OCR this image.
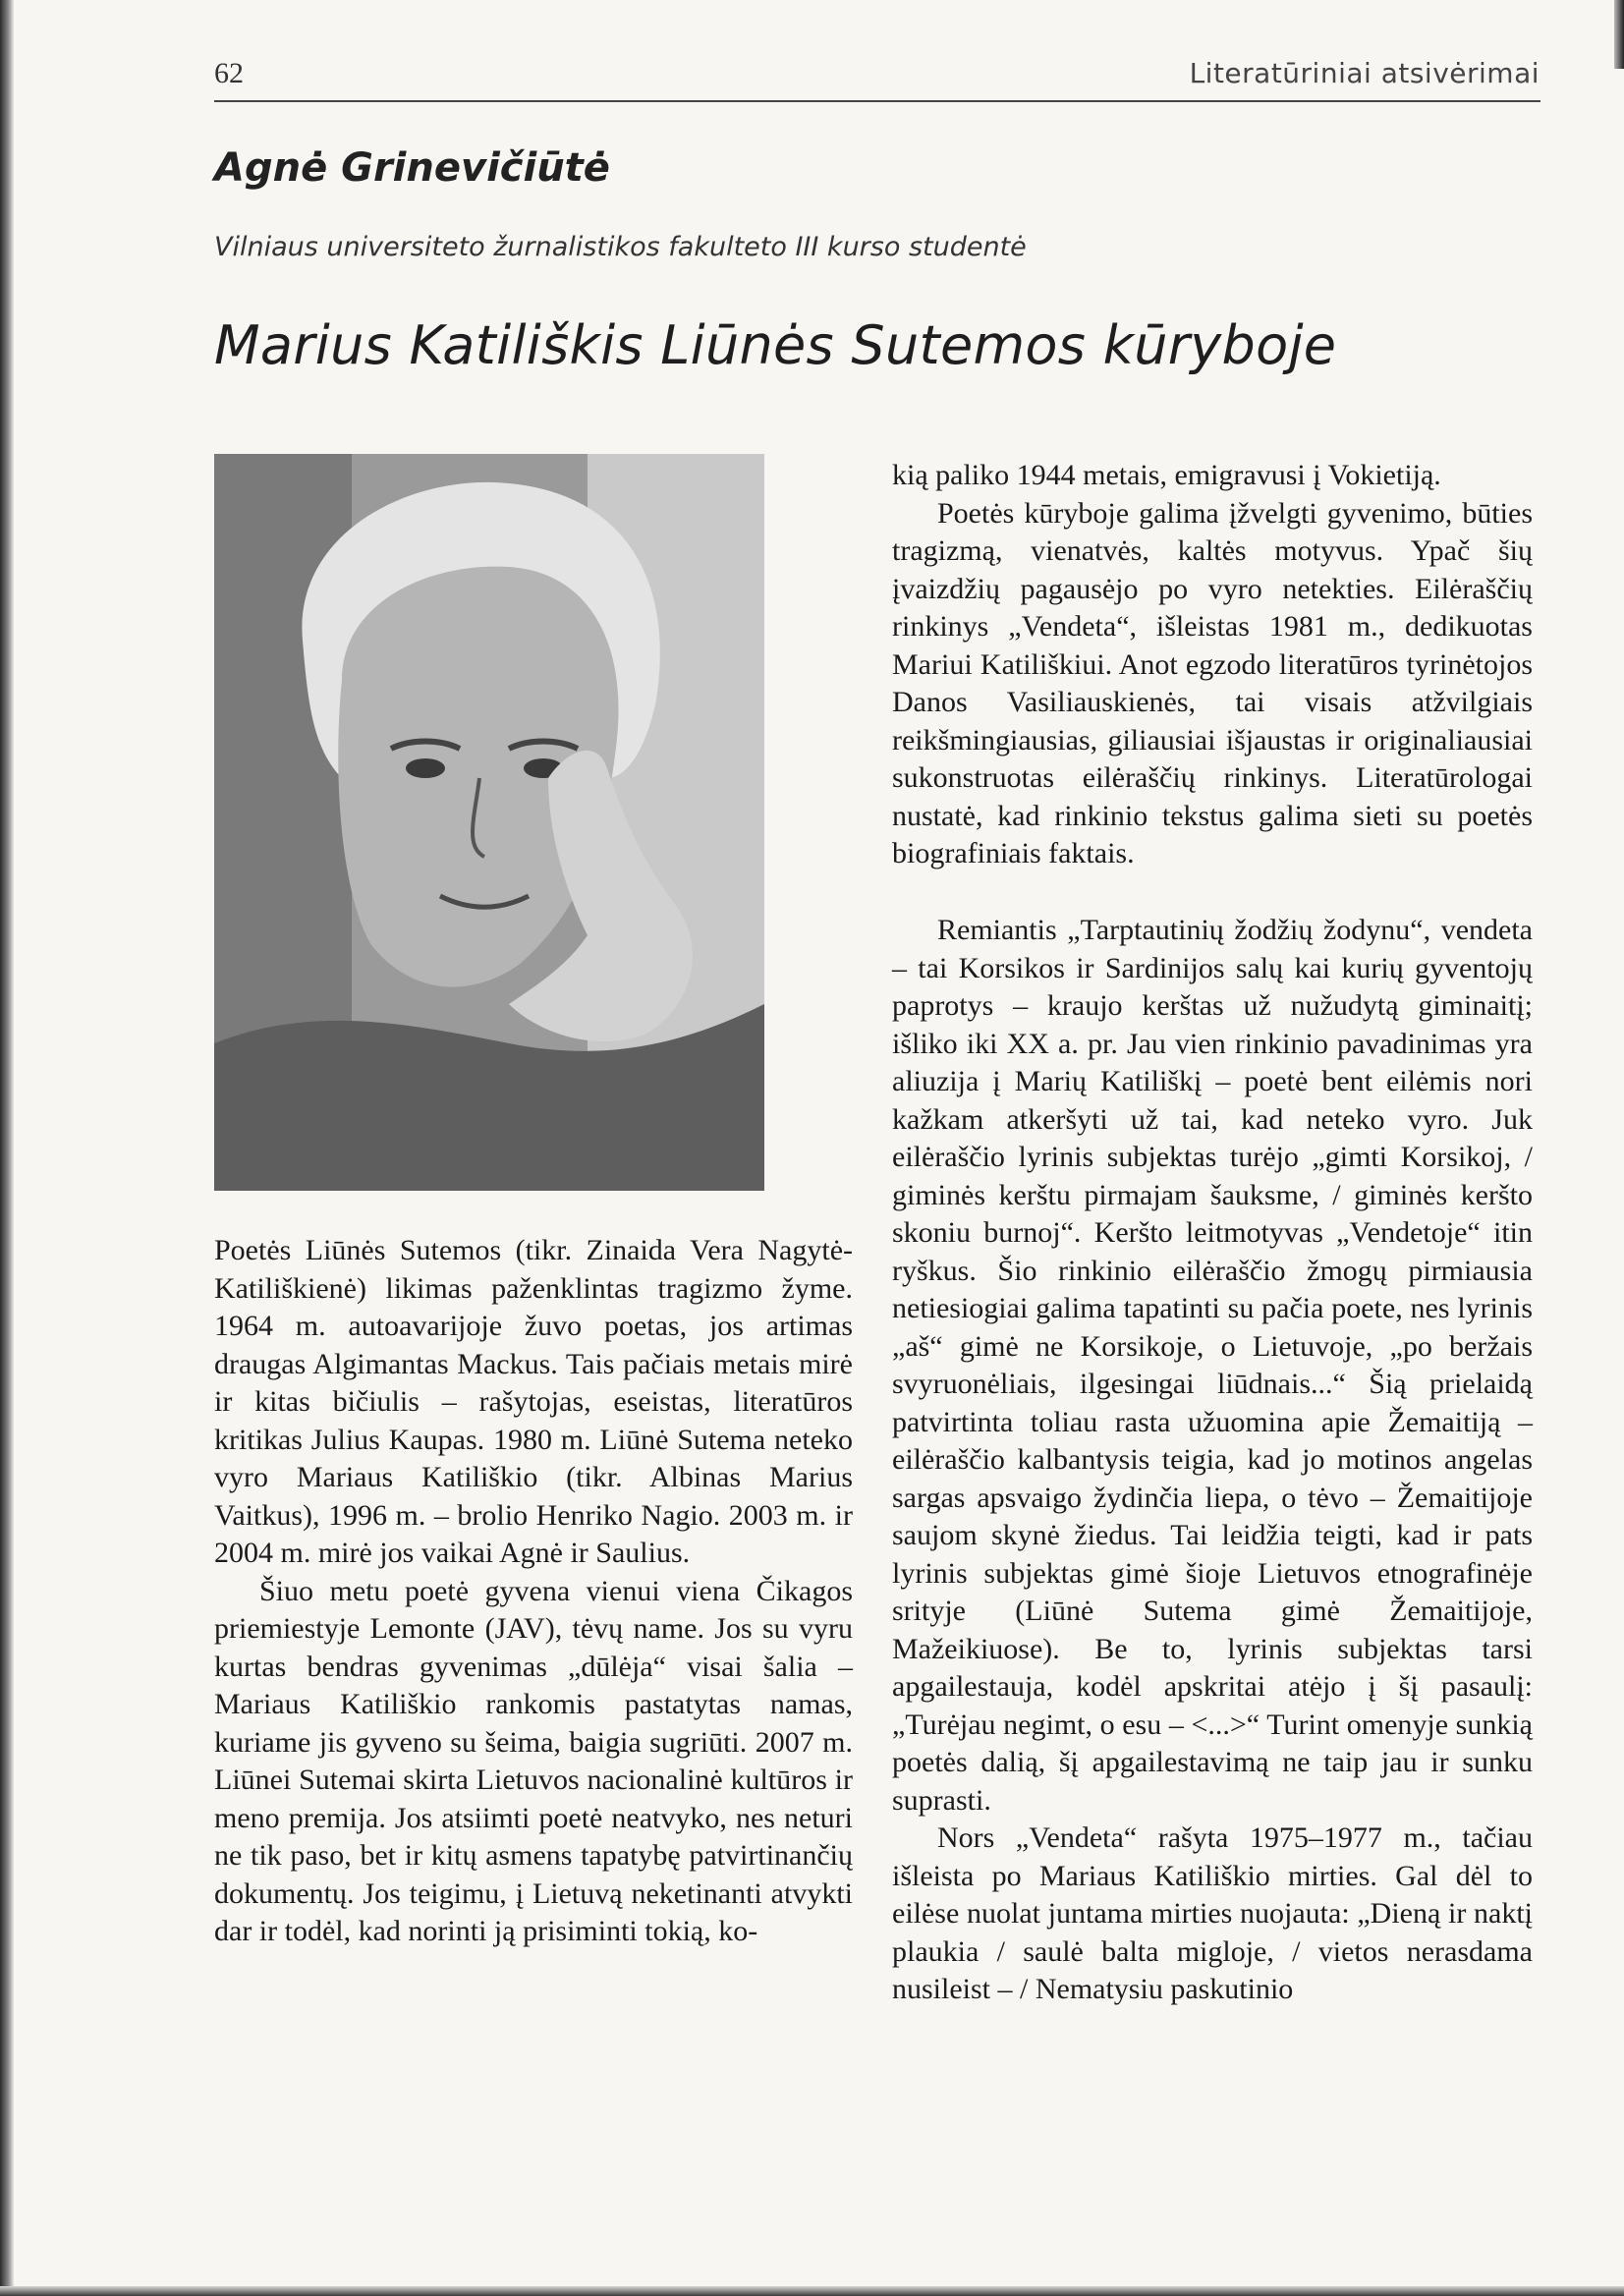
62	Literatūriniai atsivėrimai
Agnė Grinevičiūtė
Vilniaus universiteto žurnalistikos fakulteto III kurso studentė
Marius Katiliškis Liūnės Sutemos kūryboje

Poetės Liūnės Sutemos (tikr. Zinaida Vera Nagytė-Katiliškienė) likimas paženklintas tragizmo žyme. 1964 m. autoavarijoje žuvo poetas, jos artimas draugas Algimantas Mackus. Tais pačiais metais mirė ir kitas bičiulis – rašytojas, eseistas, literatūros kritikas Julius Kaupas. 1980 m. Liūnė Sutema neteko vyro Mariaus Katiliškio (tikr. Albinas Marius Vaitkus), 1996 m. – brolio Henriko Nagio. 2003 m. ir 2004 m. mirė jos vaikai Agnė ir Saulius.

Šiuo metu poetė gyvena vienui viena Čikagos priemiestyje Lemonte (JAV), tėvų name. Jos su vyru kurtas bendras gyvenimas „dūlėja“ visai šalia – Mariaus Katiliškio rankomis pastatytas namas, kuriame jis gyveno su šeima, baigia sugriūti. 2007 m. Liūnei Sutemai skirta Lietuvos nacionalinė kultūros ir meno premija. Jos atsiimti poetė neatvyko, nes neturi ne tik paso, bet ir kitų asmens tapatybę patvirtinančių dokumentų. Jos teigimu, į Lietuvą neketinanti atvykti dar ir todėl, kad norinti ją prisiminti tokią, ko-

kią paliko 1944 metais, emigravusi į Vokietiją.

Poetės kūryboje galima įžvelgti gyvenimo, būties tragizmą, vienatvės, kaltės motyvus. Ypač šių įvaizdžių pagausėjo po vyro netekties. Eilėraščių rinkinys „Vendeta“, išleistas 1981 m., dedikuotas Mariui Katiliškiui. Anot egzodo literatūros tyrinėtojos Danos Vasiliauskienės, tai visais atžvilgiais reikšmingiausias, giliausiai išjaustas ir originaliausiai sukonstruotas eilėraščių rinkinys. Literatūrologai nustatė, kad rinkinio tekstus galima sieti su poetės biografiniais faktais.

Remiantis „Tarptautinių žodžių žodynu“, vendeta – tai Korsikos ir Sardinijos salų kai kurių gyventojų paprotys – kraujo kerštas už nužudytą giminaitį; išliko iki XX a. pr. Jau vien rinkinio pavadinimas yra aliuzija į Marių Katiliškį – poetė bent eilėmis nori kažkam atkeršyti už tai, kad neteko vyro. Juk eilėraščio lyrinis subjektas turėjo „gimti Korsikoj, / giminės kerštu pirmajam šauksme, / giminės keršto skoniu burnoj“. Keršto leitmotyvas „Vendetoje“ itin ryškus. Šio rinkinio eilėraščio žmogų pirmiausia netiesiogiai galima tapatinti su pačia poete, nes lyrinis „aš“ gimė ne Korsikoje, o Lietuvoje, „po beržais svyruonėliais, ilgesingai liūdnais...“ Šią prielaidą patvirtinta toliau rasta užuomina apie Žemaitiją – eilėraščio kalbantysis teigia, kad jo motinos angelas sargas apsvaigo žydinčia liepa, o tėvo – Žemaitijoje saujom skynė žiedus. Tai leidžia teigti, kad ir pats lyrinis subjektas gimė šioje Lietuvos etnografinėje srityje (Liūnė Sutema gimė Žemaitijoje, Mažeikiuose). Be to, lyrinis subjektas tarsi apgailestauja, kodėl apskritai atėjo į šį pasaulį: „Turėjau negimt, o esu – <...>“ Turint omenyje sunkią poetės dalią, šį apgailestavimą ne taip jau ir sunku suprasti.

Nors „Vendeta“ rašyta 1975–1977 m., tačiau išleista po Mariaus Katiliškio mirties. Gal dėl to eilėse nuolat juntama mirties nuojauta: „Dieną ir naktį plaukia / saulė balta migloje, / vietos nerasdama nusileist – / Nematysiu paskutinio
